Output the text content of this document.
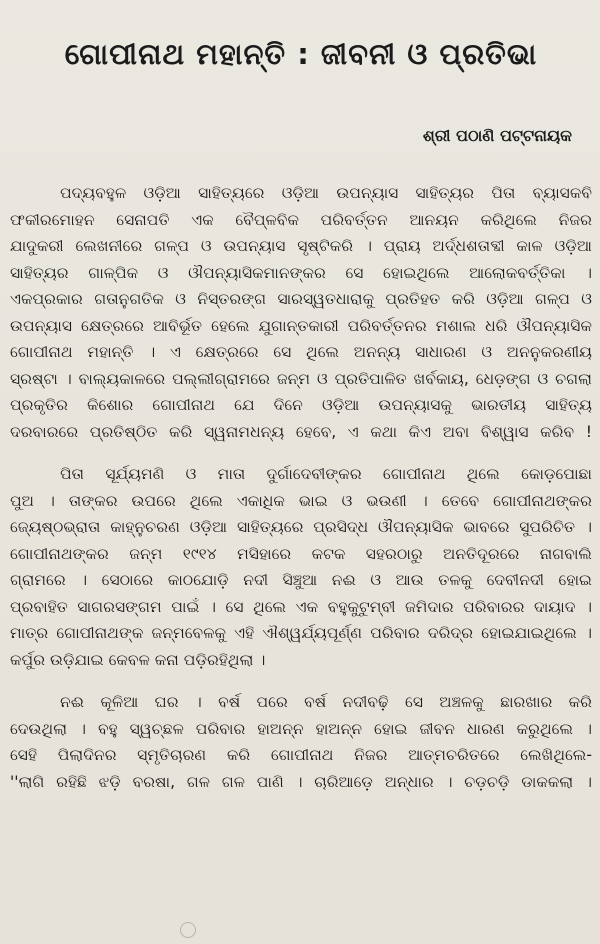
ଗୋପୀନାଥ ମହାନ୍ତି : ଜୀବନୀ ଓ ପ୍ରତିଭା
ଶ୍ରୀ ପଠାଣି ପଟ୍ଟନାୟକ
ପଦ୍ୟବହୁଳ ଓଡ଼ିଆ ସାହିତ୍ୟରେ ଓଡ଼ିଆ ଉପନ୍ୟାସ ସାହିତ୍ୟର ପିତା ବ୍ୟାସକବି
ଫକୀରମୋହନ ସେନାପତି ଏକ ବୈପ୍ଳବିକ ପରିବର୍ତ୍ତନ ଆନୟନ କରିଥିଲେ ନିଜର
ଯାଦୁକରୀ ଲେଖନୀରେ ଗଳ୍ପ ଓ ଉପନ୍ୟାସ ସୃଷ୍ଟିକରି । ପ୍ରାୟ ଅର୍ଦ୍ଧଶତାବ୍ଦୀ କାଳ ଓଡ଼ିଆ
ସାହିତ୍ୟର ଗାଳ୍ପିକ ଓ ଔପନ୍ୟାସିକମାନଙ୍କର ସେ ହୋଇଥିଲେ ଆଲୋକବର୍ତ୍ତିକା ।
ଏକପ୍ରକାର ଗତାନୁଗତିକ ଓ ନିସ୍ତରଙ୍ଗ ସାରସ୍ୱତଧାରାକୁ ପ୍ରତିହତ କରି ଓଡ଼ିଆ ଗଳ୍ପ ଓ
ଉପନ୍ୟାସ କ୍ଷେତ୍ରରେ ଆବିର୍ଭୂତ ହେଲେ ଯୁଗାନ୍ତକାରୀ ପରିବର୍ତ୍ତନର ମଶାଲ ଧରି ଔପନ୍ୟାସିକ
ଗୋପୀନାଥ ମହାନ୍ତି । ଏ କ୍ଷେତ୍ରରେ ସେ ଥିଲେ ଅନନ୍ୟ ସାଧାରଣ ଓ ଅନନୁକରଣୀୟ
ସ୍ରଷ୍ଟା । ବାଲ୍ୟକାଳରେ ପଲ୍ଲୀଗ୍ରାମରେ ଜନ୍ମ ଓ ପ୍ରତିପାଳିତ ଖର୍ବକାୟ, ଧେଡ଼ଙ୍ଗ ଓ ଚଗଲା
ପ୍ରକୃତିର କିଶୋର ଗୋପୀନାଥ ଯେ ଦିନେ ଓଡ଼ିଆ ଉପନ୍ୟାସକୁ ଭାରତୀୟ ସାହିତ୍ୟ
ଦରବାରରେ ପ୍ରତିଷ୍ଠିତ କରି ସ୍ୱନାମଧନ୍ୟ ହେବେ, ଏ କଥା କିଏ ଅବା ବିଶ୍ୱାସ କରିବ !
ପିତା ସୂର୍ଯ୍ୟମଣି ଓ ମାତା ଦୁର୍ଗାଦେବୀଙ୍କର ଗୋପୀନାଥ ଥିଲେ କୋଡ଼ପୋଛା
ପୁଅ । ତାଙ୍କର ଉପରେ ଥିଲେ ଏକାଧିକ ଭାଇ ଓ ଭଉଣୀ । ତେବେ ଗୋପୀନାଥଙ୍କର
ଜ୍ୟେଷ୍ଠଭ୍ରାତା କାହ୍ନୁଚରଣ ଓଡ଼ିଆ ସାହିତ୍ୟରେ ପ୍ରସିଦ୍ଧ ଔପନ୍ୟାସିକ ଭାବରେ ସୁପରିଚିତ ।
ଗୋପୀନାଥଙ୍କର ଜନ୍ମ ୧୯୧୪ ମସିହାରେ କଟକ ସହରଠାରୁ ଅନତିଦୂରରେ ନାଗବାଲି
ଗ୍ରାମରେ । ସେଠାରେ କାଠଯୋଡ଼ି ନଦୀ ସିଞ୍ଚୁଆ ନଈ ଓ ଆଉ ତଳକୁ ଦେବୀନଦୀ ହୋଇ
ପ୍ରବାହିତ ସାଗରସଙ୍ଗମ ପାଇଁ । ସେ ଥିଲେ ଏକ ବହୁକୁଟୁମ୍ବୀ ଜମିଦାର ପରିବାରର ଦାୟାଦ ।
ମାତ୍ର ଗୋପୀନାଥଙ୍କ ଜନ୍ମବେଳକୁ ଏହି ଐଶ୍ୱର୍ଯ୍ୟପୂର୍ଣ୍ଣ ପରିବାର ଦରିଦ୍ର ହୋଇଯାଇଥିଲେ ।
କର୍ପୁର ଉଡ଼ିଯାଇ କେବଳ କନା ପଡ଼ିରହିଥିଲା ।
ନଈ କୂଳିଆ ଘର । ବର୍ଷ ପରେ ବର୍ଷ ନଦୀବଢ଼ି ସେ ଅଞ୍ଚଳକୁ ଛାରଖାର କରି
ଦେଉଥିଲା । ବହୁ ସ୍ୱଚ୍ଛଳ ପରିବାର ହାଅନ୍ନ ହାଅନ୍ନ ହୋଇ ଜୀବନ ଧାରଣ କରୁଥିଲେ ।
ସେହି ପିଲାଦିନର ସ୍ମୃତିଚାରଣ କରି ଗୋପୀନାଥ ନିଜର ଆତ୍ମଚରିତରେ ଲେଖିଥିଲେ-
''ଲାଗି ରହିଛି ଝଡ଼ି ବରଷା, ଗଳ ଗଳ ପାଣି । ଚାରିଆଡ଼େ ଅନ୍ଧାର । ଚଡ଼ଚଡ଼ି ଡାକକଲା ।
